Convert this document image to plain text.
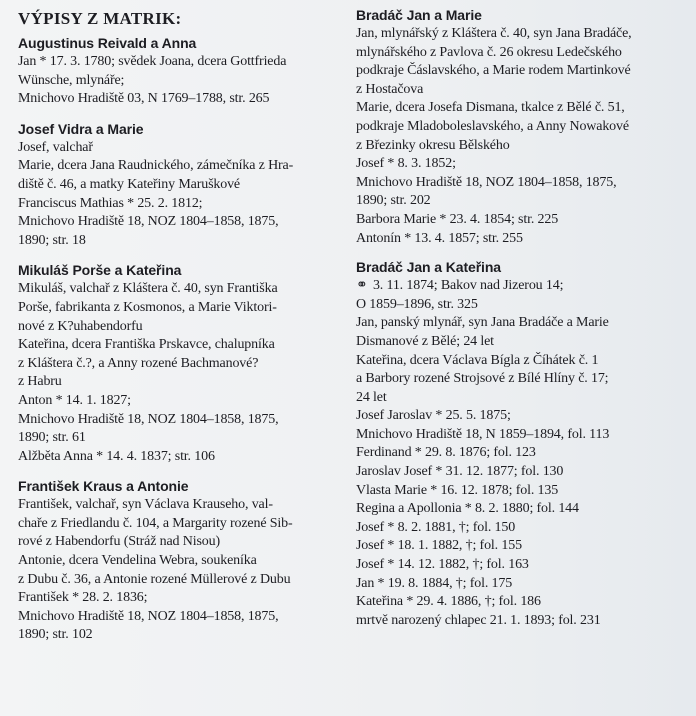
VÝPISY Z MATRIK:
Augustinus Reivald a Anna
Jan * 17. 3. 1780; svědek Joana, dcera Gottfrieda
Wünsche, mlynáře;
Mnichovo Hradiště 03, N 1769–1788, str. 265
Josef Vidra a Marie
Josef, valchař
Marie, dcera Jana Raudnického, zámečníka z Hra-
diště č. 46, a matky Kateřiny Maruškové
Franciscus Mathias * 25. 2. 1812;
Mnichovo Hradiště 18, NOZ 1804–1858, 1875,
1890; str. 18
Mikuláš Porše a Kateřina
Mikuláš, valchař z Kláštera č. 40, syn Františka
Porše, fabrikanta z Kosmonos, a Marie Viktori-
nové z K?uhabendorfu
Kateřina, dcera Františka Prskavce, chalupníka
z Kláštera č.?, a Anny rozené Bachmanové?
z Habru
Anton * 14. 1. 1827;
Mnichovo Hradiště 18, NOZ 1804–1858, 1875,
1890; str. 61
Alžběta Anna * 14. 4. 1837; str. 106
František Kraus a Antonie
František, valchař, syn Václava Krauseho, val-
chaře z Friedlandu č. 104, a Margarity rozené Sib-
rové z Habendorfu (Stráž nad Nisou)
Antonie, dcera Vendelina Webra, soukeníka
z Dubu č. 36, a Antonie rozené Müllerové z Dubu
František * 28. 2. 1836;
Mnichovo Hradiště 18, NOZ 1804–1858, 1875,
1890; str. 102
Bradáč Jan a Marie
Jan, mlynářský z Kláštera č. 40, syn Jana Bradáče,
mlynářského z Pavlova č. 26 okresu Ledečského
podkraje Čáslavského, a Marie rodem Martinkové
z Hostačova
Marie, dcera Josefa Dismana, tkalce z Bělé č. 51,
podkraje Mladoboleslavského, a Anny Nowakové
z Březinky okresu Bělského
Josef * 8. 3. 1852;
Mnichovo Hradiště 18, NOZ 1804–1858, 1875,
1890; str. 202
Barbora Marie * 23. 4. 1854; str. 225
Antonín * 13. 4. 1857; str. 255
Bradáč Jan a Kateřina
⚭ 3. 11. 1874; Bakov nad Jizerou 14;
O 1859–1896, str. 325
Jan, panský mlynář, syn Jana Bradáče a Marie
Dismanové z Bělé; 24 let
Kateřina, dcera Václava Bígla z Číhátek č. 1
a Barbory rozené Strojsové z Bílé Hlíny č. 17;
24 let
Josef Jaroslav * 25. 5. 1875;
Mnichovo Hradiště 18, N 1859–1894, fol. 113
Ferdinand * 29. 8. 1876; fol. 123
Jaroslav Josef * 31. 12. 1877; fol. 130
Vlasta Marie * 16. 12. 1878; fol. 135
Regina a Apollonia * 8. 2. 1880; fol. 144
Josef * 8. 2. 1881, †; fol. 150
Josef * 18. 1. 1882, †; fol. 155
Josef * 14. 12. 1882, †; fol. 163
Jan * 19. 8. 1884, †; fol. 175
Kateřina * 29. 4. 1886, †; fol. 186
mrtvě narozený chlapec 21. 1. 1893; fol. 231
